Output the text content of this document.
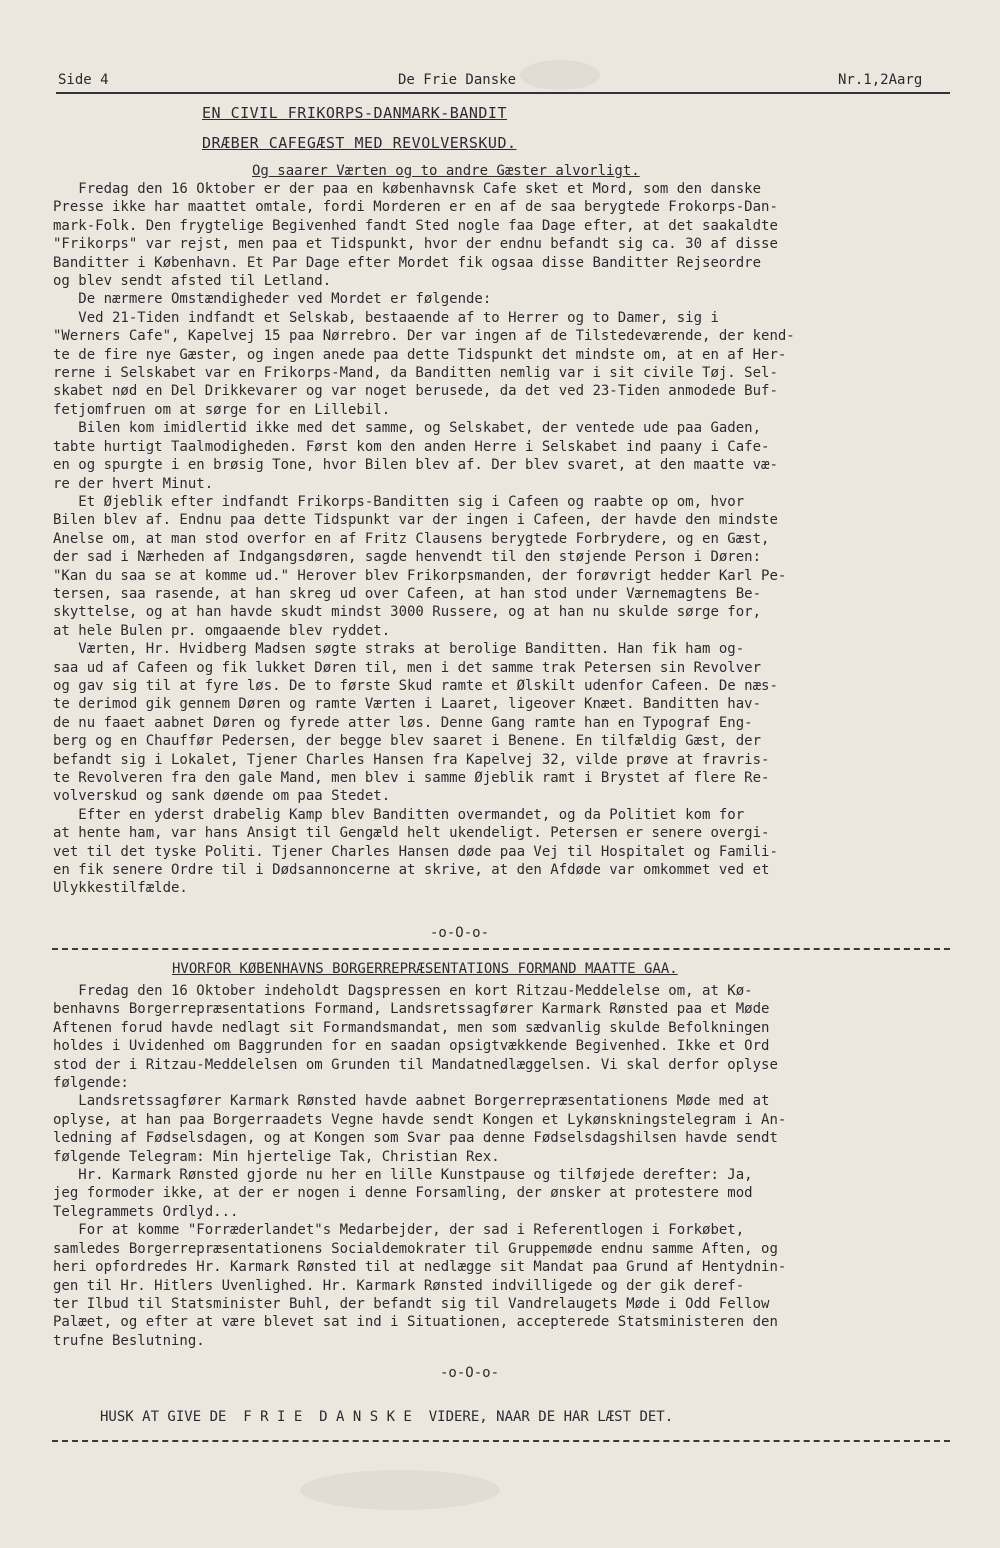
Side 4	De Frie Danske	Nr.1,2Aarg
EN CIVIL FRIKORPS-DANMARK-BANDIT
DRÆBER CAFEGÆST MED REVOLVERSKUD.
Og saarer Værten og to andre Gæster alvorligt.
Fredag den 16 Oktober er der paa en københavnsk Cafe sket et Mord, som den danske
Presse ikke har maattet omtale, fordi Morderen er en af de saa berygtede Frokorps-Dan-
mark-Folk. Den frygtelige Begivenhed fandt Sted nogle faa Dage efter, at det saakaldte
"Frikorps" var rejst, men paa et Tidspunkt, hvor der endnu befandt sig ca. 30 af disse
Banditter i København. Et Par Dage efter Mordet fik ogsaa disse Banditter Rejseordre
og blev sendt afsted til Letland.
De nærmere Omstændigheder ved Mordet er følgende:
Ved 21-Tiden indfandt et Selskab, bestaaende af to Herrer og to Damer, sig i
"Werners Cafe", Kapelvej 15 paa Nørrebro. Der var ingen af de Tilstedeværende, der kend-
te de fire nye Gæster, og ingen anede paa dette Tidspunkt det mindste om, at en af Her-
rerne i Selskabet var en Frikorps-Mand, da Banditten nemlig var i sit civile Tøj. Sel-
skabet nød en Del Drikkevarer og var noget berusede, da det ved 23-Tiden anmodede Buf-
fetjomfruen om at sørge for en Lillebil.
Bilen kom imidlertid ikke med det samme, og Selskabet, der ventede ude paa Gaden,
tabte hurtigt Taalmodigheden. Først kom den anden Herre i Selskabet ind paany i Cafe-
en og spurgte i en brøsig Tone, hvor Bilen blev af. Der blev svaret, at den maatte væ-
re der hvert Minut.
Et Øjeblik efter indfandt Frikorps-Banditten sig i Cafeen og raabte op om, hvor
Bilen blev af. Endnu paa dette Tidspunkt var der ingen i Cafeen, der havde den mindste
Anelse om, at man stod overfor en af Fritz Clausens berygtede Forbrydere, og en Gæst,
der sad i Nærheden af Indgangsdøren, sagde henvendt til den støjende Person i Døren:
"Kan du saa se at komme ud." Herover blev Frikorpsmanden, der forøvrigt hedder Karl Pe-
tersen, saa rasende, at han skreg ud over Cafeen, at han stod under Værnemagtens Be-
skyttelse, og at han havde skudt mindst 3000 Russere, og at han nu skulde sørge for,
at hele Bulen pr. omgaaende blev ryddet.
Værten, Hr. Hvidberg Madsen søgte straks at berolige Banditten. Han fik ham og-
saa ud af Cafeen og fik lukket Døren til, men i det samme trak Petersen sin Revolver
og gav sig til at fyre løs. De to første Skud ramte et Ølskilt udenfor Cafeen. De næs-
te derimod gik gennem Døren og ramte Værten i Laaret, ligeover Knæet. Banditten hav-
de nu faaet aabnet Døren og fyrede atter løs. Denne Gang ramte han en Typograf Eng-
berg og en Chauffør Pedersen, der begge blev saaret i Benene. En tilfældig Gæst, der
befandt sig i Lokalet, Tjener Charles Hansen fra Kapelvej 32, vilde prøve at fravris-
te Revolveren fra den gale Mand, men blev i samme Øjeblik ramt i Brystet af flere Re-
volverskud og sank døende om paa Stedet.
Efter en yderst drabelig Kamp blev Banditten overmandet, og da Politiet kom for
at hente ham, var hans Ansigt til Gengæld helt ukendeligt. Petersen er senere overgi-
vet til det tyske Politi. Tjener Charles Hansen døde paa Vej til Hospitalet og Famili-
en fik senere Ordre til i Dødsannoncerne at skrive, at den Afdøde var omkommet ved et
Ulykkestilfælde.
-o-O-o-
HVORFOR KØBENHAVNS BORGERREPRÆSENTATIONS FORMAND MAATTE GAA.
Fredag den 16 Oktober indeholdt Dagspressen en kort Ritzau-Meddelelse om, at Kø-
benhavns Borgerrepræsentations Formand, Landsretssagfører Karmark Rønsted paa et Møde
Aftenen forud havde nedlagt sit Formandsmandat, men som sædvanlig skulde Befolkningen
holdes i Uvidenhed om Baggrunden for en saadan opsigtvækkende Begivenhed. Ikke et Ord
stod der i Ritzau-Meddelelsen om Grunden til Mandatnedlæggelsen. Vi skal derfor oplyse
følgende:
Landsretssagfører Karmark Rønsted havde aabnet Borgerrepræsentationens Møde med at
oplyse, at han paa Borgerraadets Vegne havde sendt Kongen et Lykønskningstelegram i An-
ledning af Fødselsdagen, og at Kongen som Svar paa denne Fødselsdagshilsen havde sendt
følgende Telegram: Min hjertelige Tak, Christian Rex.
Hr. Karmark Rønsted gjorde nu her en lille Kunstpause og tilføjede derefter: Ja,
jeg formoder ikke, at der er nogen i denne Forsamling, der ønsker at protestere mod
Telegrammets Ordlyd...
For at komme "Forræderlandet"s Medarbejder, der sad i Referentlogen i Forkøbet,
samledes Borgerrepræsentationens Socialdemokrater til Gruppemøde endnu samme Aften, og
heri opfordredes Hr. Karmark Rønsted til at nedlægge sit Mandat paa Grund af Hentydnin-
gen til Hr. Hitlers Uvenlighed. Hr. Karmark Rønsted indvilligede og der gik deref-
ter Ilbud til Statsminister Buhl, der befandt sig til Vandrelaugets Møde i Odd Fellow
Palæet, og efter at være blevet sat ind i Situationen, accepterede Statsministeren den
trufne Beslutning.
-o-O-o-
HUSK AT GIVE DE  F R I E  D A N S K E  VIDERE, NAAR DE HAR LÆST DET.
